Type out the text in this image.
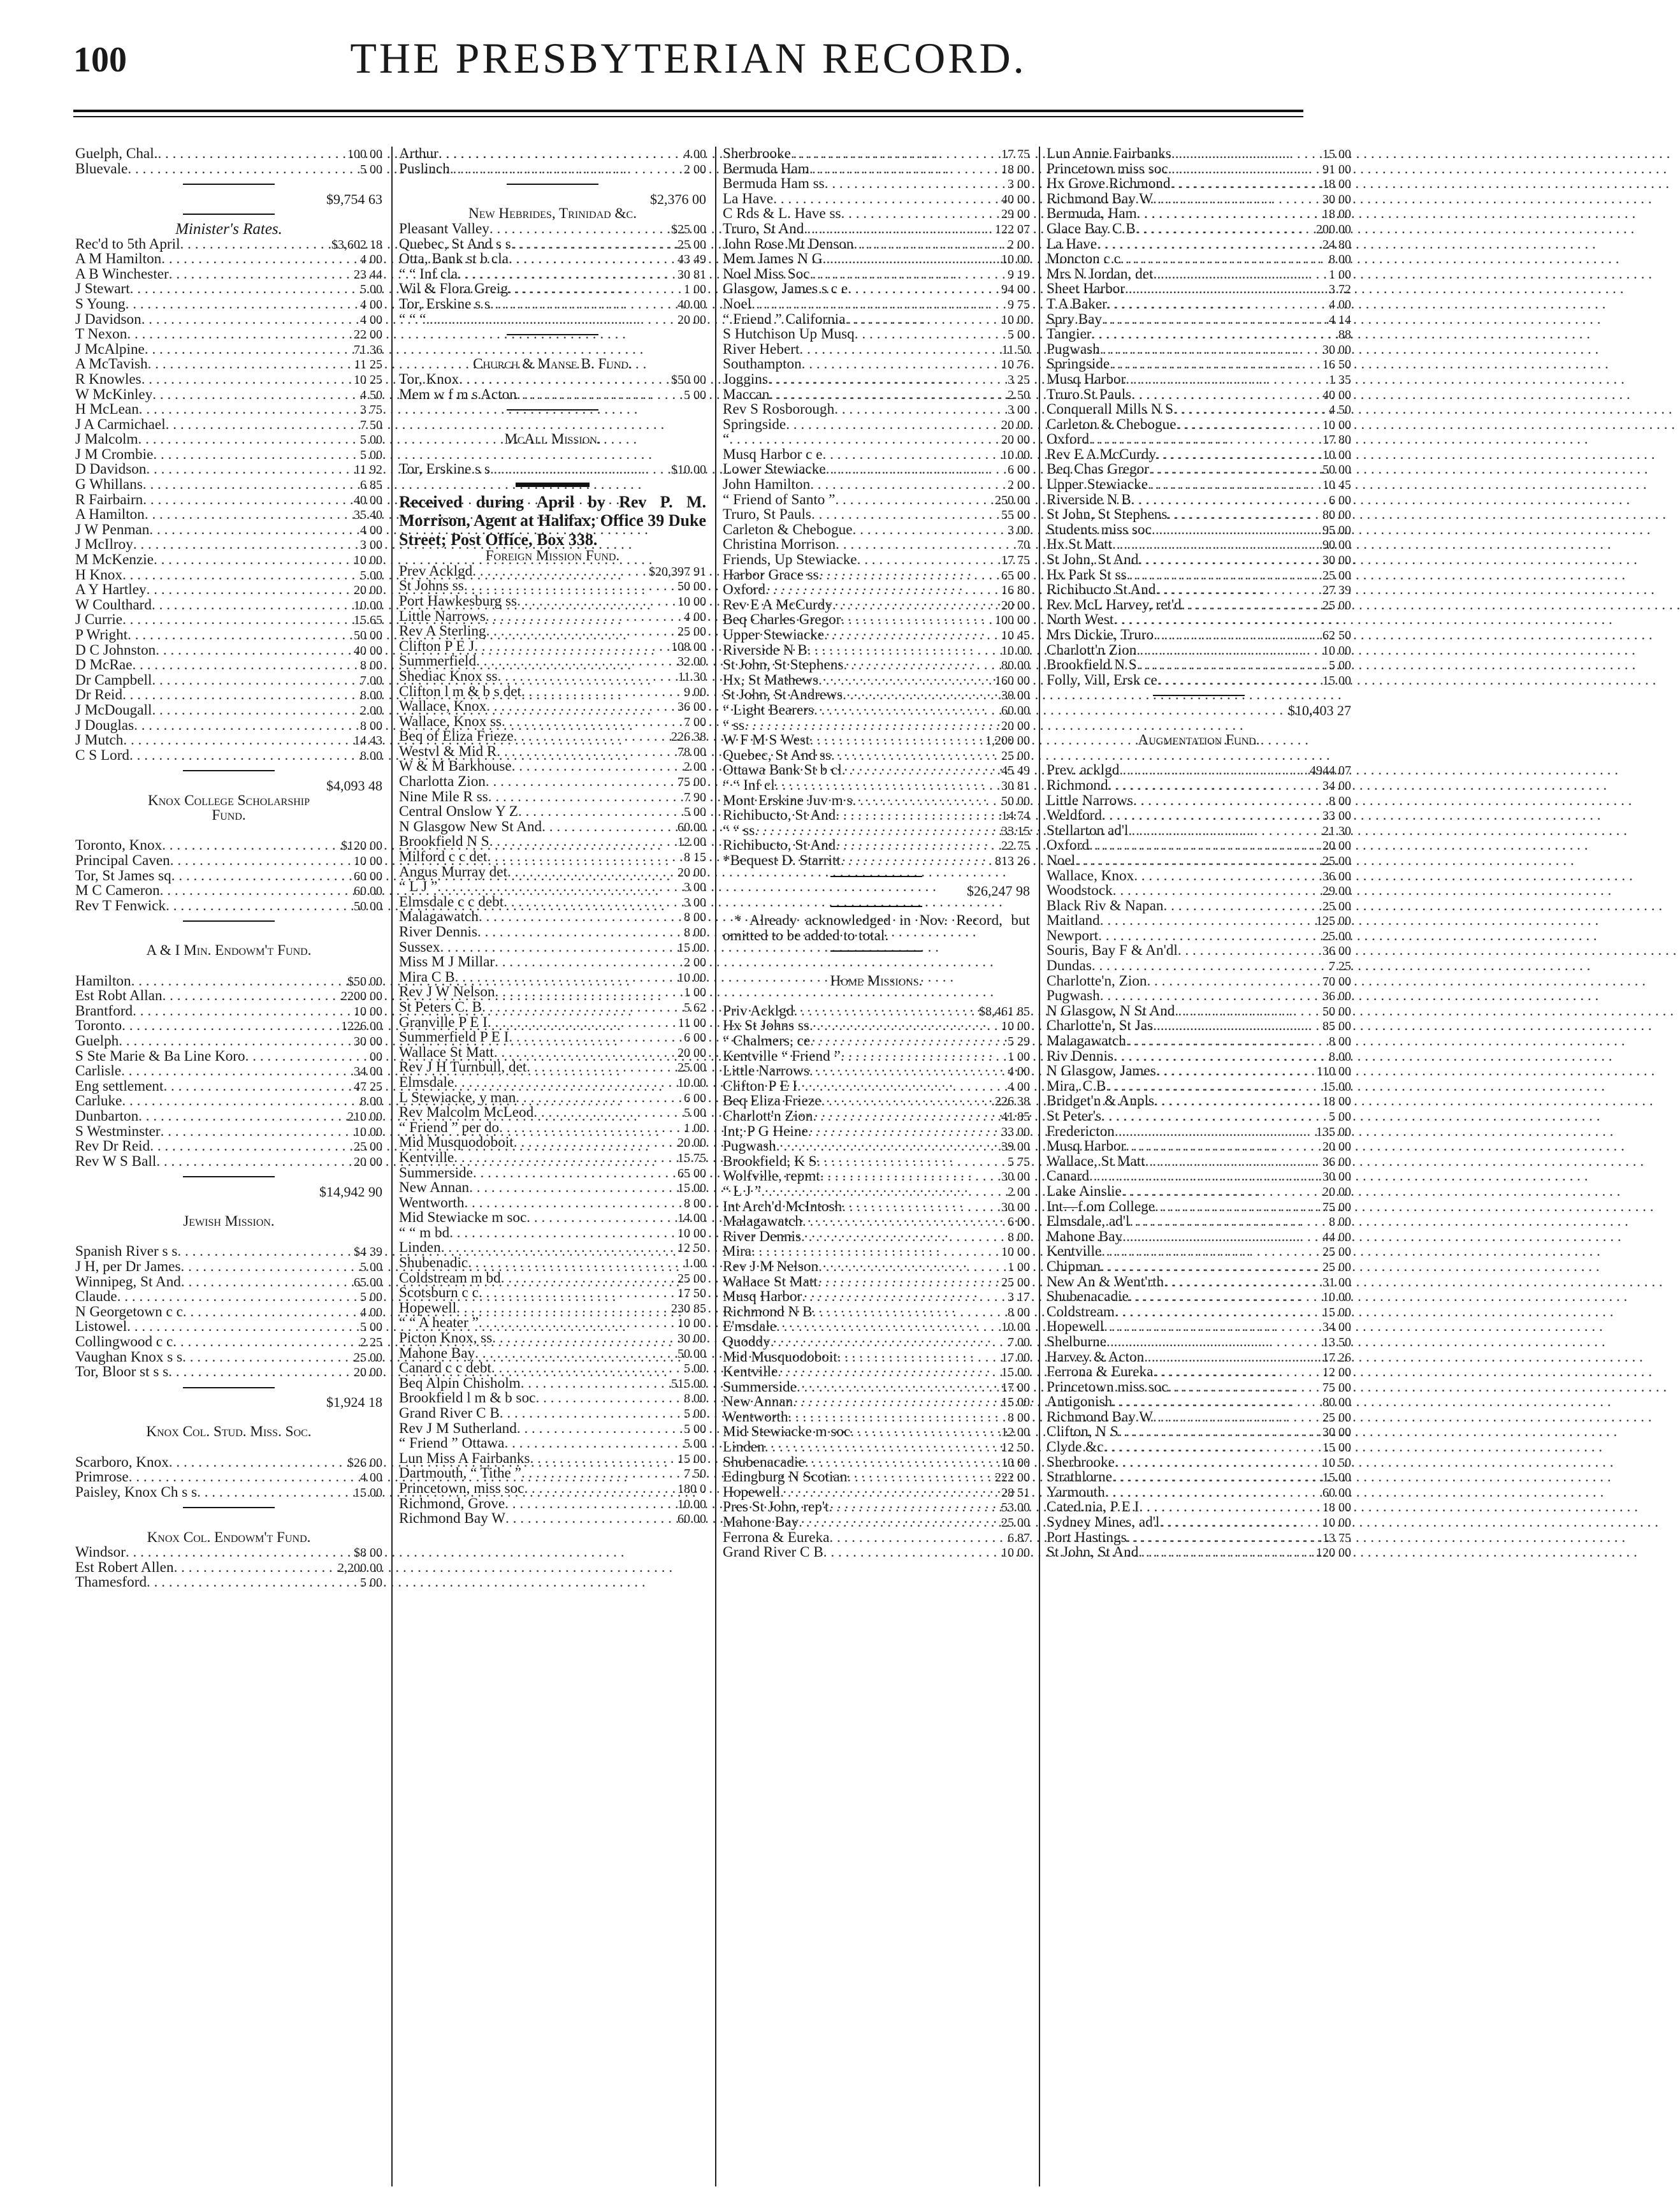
THE PRESBYTERIAN RECORD.
100
Guelph, Chal. . . .	100 00
Bluevale . . .	5 00
$9,754 63
Minister's Rates.
Rec'd to 5th April . . .	$3,602 18
A M Hamilton . . .	4 00
A B Winchester . . .	23 44
J Stewart . . .	5 00
S Young . . .	4 00
J Davidson . . .	4 00
T Nexon . . .	22 00
J McAlpine . . .	71 36
A McTavish . . .	11 25
R Knowles . . .	10 25
W McKinley . . .	4 50
H McLean . . .	3 75
J A Carmichael . . .	7 50
J Malcolm . . .	5 00
J M Crombie . . .	5 00
D Davidson . . .	11 92
G Whillans . . .	6 85
R Fairbairn . . .	40 00
A Hamilton . . .	35 40
J W Penman . . .	4 00
J McIlroy . . .	3 00
M McKenzie . . .	10 00
H Knox . . .	5 00
A Y Hartley . . .	20 00
W Coulthard . . .	10 00
J Currie . . .	15 65
P Wright . . .	50 00
D C Johnston . . .	40 00
D McRae . . .	8 00
Dr Campbell . . .	7 00
Dr Reid . . .	8 00
J McDougall . . .	2 00
J Douglas . . .	8 00
J Mutch . . .	14 43
C S Lord . . .	8 00
$4,093 48
Knox College Scholarship
Fund.
Toronto, Knox . . .	$120 00
Principal Caven . . .	10 00
Tor, St James sq . . .	60 00
M C Cameron . . .	60 00
Rev T Fenwick . . .	50 00
A & I Min. Endowm't Fund.
Hamilton . . .	$50 00
Est Robt Allan . . .	2200 00
Brantford . . .	10 00
Toronto . . .	1226 00
Guelph . . .	30 00
S Ste Marie & Ba Line Koro . . .	00
Carlisle . . .	34 00
Eng settlement . . .	47 25
Carluke . . .	8 00
Dunbarton . . .	210 00
S Westminster . . .	10 00
Rev Dr Reid . . .	25 00
Rev W S Ball . . .	20 00
$14,942 90
Jewish Mission.
Spanish River s s . . .	$4 39
J H, per Dr James . . .	5 00
Winnipeg, St And . . .	65 00
Claude . . .	5 00
N Georgetown c c . . .	4 00
Listowel . . .	5 00
Collingwood c c . . .	2 25
Vaughan Knox s s . . .	25 00
Tor, Bloor st s s . . .	20 00
$1,924 18
Knox Col. Stud. Miss. Soc.
Scarboro, Knox . . .	$26 00
Primrose . . .	4 00
Paisley, Knox Ch s s . . .	15 00
Knox Col. Endowm't Fund.
Windsor . . .	$8 00
Est Robert Allen . . .	2,200 00
Thamesford . . .	5 00
Arthur . . .	4 00
Puslinch . . .	2 00
$2,376 00
New Hebrides, Trinidad &c.
Pleasant Valley . . .	$25 00
Quebec, St And s s . . .	25 00
Otta, Bank st b cla . . .	43 49
“ “ Inf cla . . .	30 81
Wil & Flora Greig . . .	1 00
Tor, Erskine s s . . .	40 00
“ “ “ . . .	20 00
Church & Manse B. Fund.
Tor, Knox . . .	$50 00
Mem w f m s Acton . . .	5 00
McAll Mission.
Tor, Erskine s s . . .	$10 00
Received during April by Rev P. M. Morrison, Agent at Halifax; Office 39 Duke Street; Post Office, Box 338.
Foreign Mission Fund.
Prev Acklgd . . .	$20,397 91
St Johns ss . . .	50 00
Port Hawkesburg ss . . .	10 00
Little Narrows . . .	4 00
Rev A Sterling . . .	25 00
Clifton P E J . . .	108 00
Summerfield . . .	32 00
Shediac Knox ss . . .	11 30
Clifton l m & b s det . . .	9 00
Wallace, Knox . . .	36 00
Wallace, Knox ss . . .	7 00
Beq of Eliza Frieze . . .	226 38
Westvl & Mid R . . .	78 00
W & M Barkhouse . . .	2 00
Charlotta Zion . . .	75 00
Nine Mile R ss . . .	7 90
Central Onslow Y Z . . .	5 00
N Glasgow New St And . . .	60 00
Brookfield N S . . .	12 00
Milford c c det . . .	8 15
Angus Murray det . . .	20 00
“ L J ” . . .	3 00
Elmsdale c c debt . . .	3 00
Malagawatch . . .	8 00
River Dennis . . .	8 00
Sussex . . .	15 00
Miss M J Millar . . .	2 00
Mira C B . . .	10 00
Rev J W Nelson . . .	1 00
St Peters C. B . . .	5 62
Granville P E I . . .	11 00
Summerfield P E I . . .	6 00
Wallace St Matt . . .	20 00
Rev J H Turnbull, det . . .	25 00
Elmsdale . . .	10 00
L Stewiacke, y man . . .	6 00
Rev Malcolm McLeod . . .	5 00
“ Friend ” per do . . .	1 00
Mid Musquodoboit . . .	20 00
Kentville . . .	15 75
Summerside . . .	65 00
New Annan . . .	15 00
Wentworth . . .	8 00
Mid Stewiacke m soc . . .	14 00
“ “ m bd . . .	10 00
Linden . . .	12 50
Shubenadic . . .	1 00
Coldstream m bd . . .	25 00
Scotsburn c c . . .	17 50
Hopewell . . .	230 85
“ “ A heater ” . . .	10 00
Picton Knox, ss . . .	30 00
Mahone Bay . . .	50 00
Canard c c debt . . .	5 00
Beq Alpin Chisholm . . .	515 00
Brookfield l m & b soc . . .	8 00
Grand River C B . . .	5 00
Rev J M Sutherland . . .	5 00
“ Friend ” Ottawa . . .	5 00
Lun Miss A Fairbanks . . .	15 00
Dartmouth, “ Tithe ” . . .	7 50
Princetown, miss soc . . .	180 0
Richmond, Grove . . .	10 00
Richmond Bay W . . .	60 00
Sherbrooke . . .	17 75
Bermuda Ham . . .	18 00
Bermuda Ham ss . . .	3 00
La Have . . .	40 00
C Rds & L. Have ss . . .	29 00
Truro, St And . . .	122 07
John Rose Mt Denson . . .	2 00
Mem James N G . . .	10 00
Noel Miss Soc . . .	9 19
Glasgow, James s c e . . .	94 00
Noel . . .	9 75
“ Friend ” California . . .	10 00
S Hutchison Up Musq . . .	5 00
River Hebert . . .	11 50
Southampton . . .	10 76
Joggins . . .	3 25
Maccan . . .	2 50
Rev S Rosborough . . .	3 00
Springside . . .	20 00
“ . . .	20 00
Musq Harbor c e . . .	10 00
Lower Stewiacke . . .	6 00
John Hamilton . . .	2 00
“ Friend of Santo ” . . .	250 00
Truro, St Pauls . . .	55 00
Carleton & Chebogue . . .	3 00
Christina Morrison . . .	70
Friends, Up Stewiacke . . .	17 75
Harbor Grace ss . . .	65 00
Oxford . . .	16 80
Rev E A McCurdy . . .	20 00
Beq Charles Gregor . . .	100 00
Upper Stewiacke . . .	10 45
Riverside N B . . .	10 00
St John, St Stephens . . .	80 00
Hx, St Mathews . . .	160 00
St John, St Andrews . . .	30 00
“ Light Bearers . . .	60 00
“ ss . . .	20 00
W F M S West . . .	1,200 00
Quebec, St And ss . . .	25 00
Ottawa Bank St b cl . . .	45 49
“ “ Inf cl . . .	30 81
Mont Erskine Juv m s . . .	50 00
Richibucto, St And . . .	14 74
“ “ ss . . .	33 15
Richibucto, St And . . .	22 75
*Bequest D. Starritt . . .	813 26
$26,247 98
* Already acknowledged in Nov. Record, but omitted to be added to total.
Home Missions.
Priv Acklgd . . .	$8,461 85
Hx St Johns ss . . .	10 00
“ Chalmers, ce . . .	5 29
Kentville “ Friend ” . . .	1 00
Little Narrows . . .	4 00
Clifton P E I . . .	4 00
Beq Eliza Frieze . . .	226 38
Charlott'n Zion . . .	41 85
Int; P G Heine . . .	33 00
Pugwash . . .	39 00
Brookfield, K S . . .	5 75
Wolfville, repmt . . .	30 00
“ L J ” . . .	2 00
Int Arch'd McIntosh . . .	30 00
Malagawatch . . .	6 00
River Dennis . . .	8 00
Mira . . .	10 00
Rev J M Nelson . . .	1 00
Wallace St Matt . . .	25 00
Musq Harbor . . .	3 17
Richmond N B . . .	8 00
E'msdale . . .	10 00
Quoddy . . .	7 00
Mid Musquodoboit . . .	17 00
Kentville . . .	15 00
Summerside . . .	17 00
New Annan . . .	15 00
Wentworth . . .	8 00
Mid Stewiacke m soc . . .	12 00
Linden . . .	12 50
Shubenacadie . . .	10 00
Edingburg N Scotian . . .	222 00
Hopewell . . .	28 51
Pres St John, rep't . . .	53 00
Mahone Bay . . .	25 00
Ferrona & Eureka . . .	6 87
Grand River C B . . .	10 00
Lun Annie Fairbanks . . .	15 00
Princetown miss soc . . .	91 00
Hx Grove Richmond . . .	18 00
Richmond Bay W . . .	30 00
Bermuda, Ham . . .	18 00
Glace Bay C B . . .	200 00
La Have . . .	24 80
Moncton c c . . .	8 00
Mrs N Jordan, det . . .	1 00
Sheet Harbor . . .	3 72
T A Baker . . .	4 00
Spry Bay . . .	4 14
Tangier . . .	88
Pugwash . . .	30 00
Springside . . .	16 50
Musq Harbor . . .	1 35
Truro St Pauls . . .	40 00
Conquerall Mills N S . . .	4 50
Carleton & Chebogue . . .	10 00
Oxford . . .	17 80
Rev E A McCurdy . . .	10 00
Beq Chas Gregor . . .	50 00
Upper Stewiacke . . .	10 45
Riverside N B . . .	6 00
St John, St Stephens . . .	80 00
Students miss soc . . .	95 00
Hx St Matt . . .	90 00
St John, St And . . .	30 00
Hx Park St ss . . .	25 00
Richibucto St And . . .	27 39
Rev McL Harvey, ret'd . . .	25 00
North West
. . .
Mrs Dickie, Truro . . .	62 50
Charlott'n Zion . . .	10 00
Brookfield N S . . .	5 00
Folly, Vill, Ersk ce . . .	15 00
$10,403 27
Augmentation Fund.
Prev. acklgd . . .	4944 07
Richmond . . .	34 00
Little Narrows . . .	8 00
Weldford . . .	33 00
Stellarton ad'l . . .	21 30
Oxford . . .	20 00
Noel . . .	25 00
Wallace, Knox . . .	36 00
Woodstock . . .	29 00
Black Riv & Napan . . .	25 00
Maitland . . .	125 00
Newport . . .	25 00
Souris, Bay F & An'dl . . .	36 00
Dundas . . .	7 25
Charlotte'n, Zion . . .	70 00
Pugwash . . .	36 00
N Glasgow, N St And . . .	50 00
Charlotte'n, St Jas . . .	85 00
Malagawatch . . .	8 00
Riv Dennis . . .	8 00
N Glasgow, James . . .	110 00
Mira, C B . . .	15 00
Bridget'n & Anpls . . .	18 00
St Peter's . . .	5 00
Fredericton . . .	135 00
Musq Harbor . . .	20 00
Wallace, St Matt . . .	36 00
Canard . . .	30 00
Lake Ainslie . . .	20 00
Int—f.om College . . .	75 00
Elmsdale, ad'l . . .	8 00
Mahone Bay . . .	44 00
Kentville . . .	25 00
Chipman . . .	25 00
New An & Went'rth . . .	31 00
Shubenacadie . . .	10 00
Coldstream . . .	15 00
Hopewell . . .	34 00
Shelburne . . .	13 50
Harvey & Acton . . .	17 26
Ferrona & Eureka . . .	12 00
Princetown miss soc . . .	75 00
Antigonish . . .	80 00
Richmond Bay W . . .	25 00
Clifton, N S . . .	30 00
Clyde &c . . .	15 00
Sherbrooke . . .	10 50
Strathlorne . . .	15 00
Yarmouth . . .	60 00
Cated.nia, P E I . . .	18 00
Sydney Mines, ad'l . . .	10 00
Port Hastings . . .	13 75
St John, St And . . .	120 00
